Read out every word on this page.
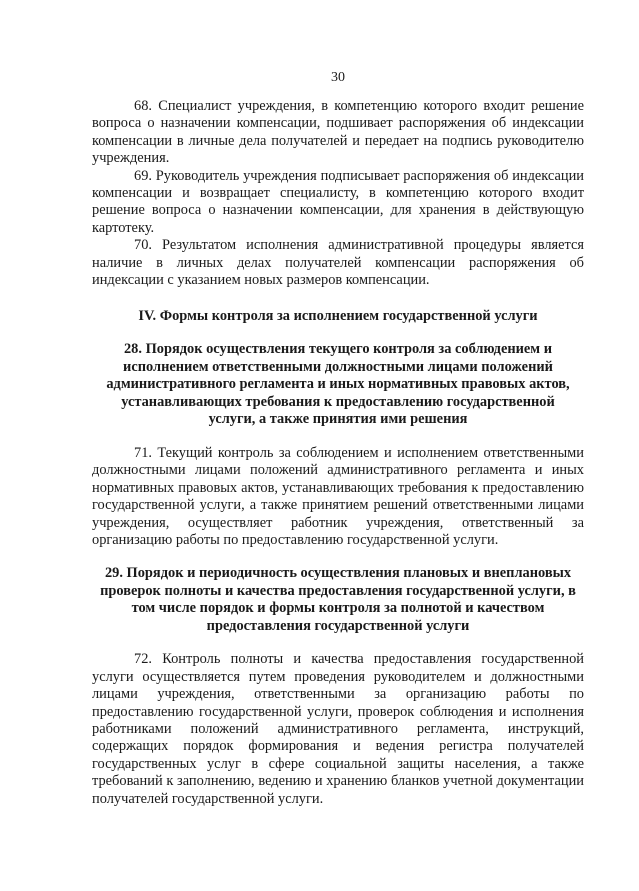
30

68. Специалист учреждения, в компетенцию которого входит решение вопроса о назначении компенсации, подшивает распоряжения об индексации компенсации в личные дела получателей и передает на подпись руководителю учреждения.

69. Руководитель учреждения подписывает распоряжения об индексации компенсации и возвращает специалисту, в компетенцию которого входит решение вопроса о назначении компенсации, для хранения в действующую картотеку.

70. Результатом исполнения административной процедуры является наличие в личных делах получателей компенсации распоряжения об индексации с указанием новых размеров компенсации.

IV. Формы контроля за исполнением государственной услуги
28. Порядок осуществления текущего контроля за соблюдением и исполнением ответственными должностными лицами положений административного регламента и иных нормативных правовых актов, устанавливающих требования к предоставлению государственной услуги, а также принятия ими решения

71. Текущий контроль за соблюдением и исполнением ответственными должностными лицами положений административного регламента и иных нормативных правовых актов, устанавливающих требования к предоставлению государственной услуги, а также принятием решений ответственными лицами учреждения, осуществляет работник учреждения, ответственный за организацию работы по предоставлению государственной услуги.

29. Порядок и периодичность осуществления плановых и внеплановых проверок полноты и качества предоставления государственной услуги, в том числе порядок и формы контроля за полнотой и качеством предоставления государственной услуги

72. Контроль полноты и качества предоставления государственной услуги осуществляется путем проведения руководителем и должностными лицами учреждения, ответственными за организацию работы по предоставлению государственной услуги, проверок соблюдения и исполнения работниками положений административного регламента, инструкций, содержащих порядок формирования и ведения регистра получателей государственных услуг в сфере социальной защиты населения, а также требований к заполнению, ведению и хранению бланков учетной документации получателей государственной услуги.
